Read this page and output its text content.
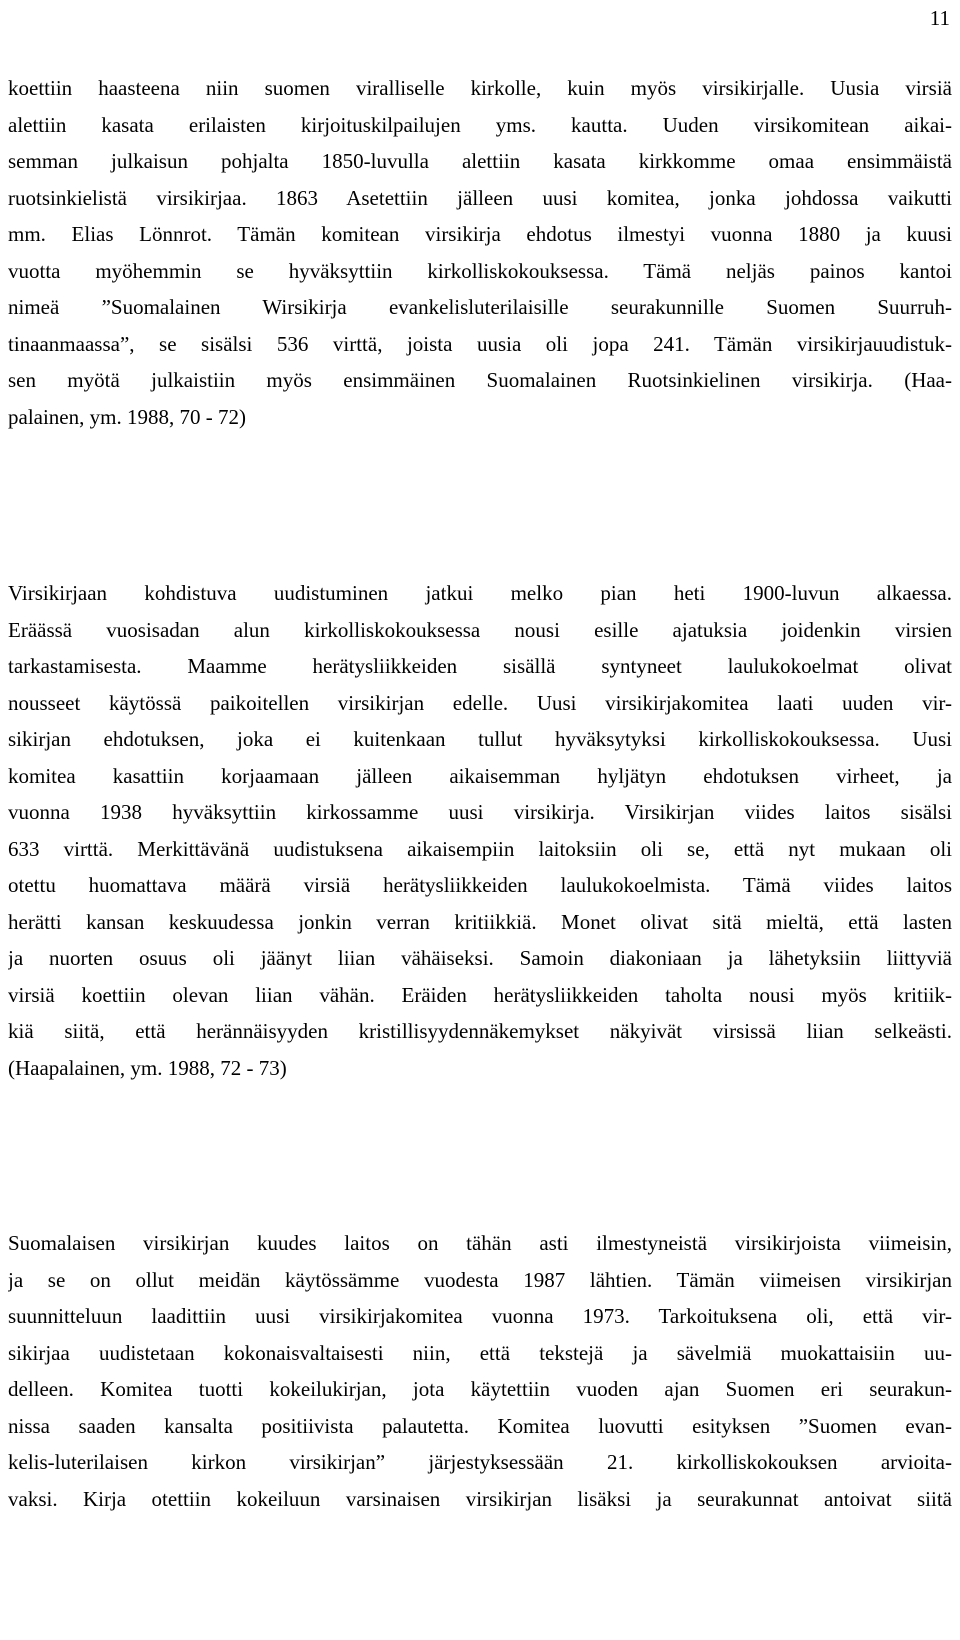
11
koettiin haasteena niin suomen viralliselle kirkolle, kuin myös virsikirjalle. Uusia virsiä
alettiin kasata erilaisten kirjoituskilpailujen yms. kautta. Uuden virsikomitean aikai-
semman julkaisun pohjalta 1850-luvulla alettiin kasata kirkkomme omaa ensimmäistä
ruotsinkielistä virsikirjaa. 1863 Asetettiin jälleen uusi komitea, jonka johdossa vaikutti
mm. Elias Lönnrot. Tämän komitean virsikirja ehdotus ilmestyi vuonna 1880 ja kuusi
vuotta myöhemmin se hyväksyttiin kirkolliskokouksessa. Tämä neljäs painos kantoi
nimeä ”Suomalainen Wirsikirja evankelisluterilaisille seurakunnille Suomen Suurruh-
tinaanmaassa”, se sisälsi 536 virttä, joista uusia oli jopa 241. Tämän virsikirjauudistuk-
sen myötä julkaistiin myös ensimmäinen Suomalainen Ruotsinkielinen virsikirja. (Haa-
palainen, ym. 1988, 70 - 72)
Virsikirjaan kohdistuva uudistuminen jatkui melko pian heti 1900-luvun alkaessa.
Eräässä vuosisadan alun kirkolliskokouksessa nousi esille ajatuksia joidenkin virsien
tarkastamisesta. Maamme herätysliikkeiden sisällä syntyneet laulukokoelmat olivat
nousseet käytössä paikoitellen virsikirjan edelle. Uusi virsikirjakomitea laati uuden vir-
sikirjan ehdotuksen, joka ei kuitenkaan tullut hyväksytyksi kirkolliskokouksessa. Uusi
komitea kasattiin korjaamaan jälleen aikaisemman hyljätyn ehdotuksen virheet, ja
vuonna 1938 hyväksyttiin kirkossamme uusi virsikirja. Virsikirjan viides laitos sisälsi
633 virttä. Merkittävänä uudistuksena aikaisempiin laitoksiin oli se, että nyt mukaan oli
otettu huomattava määrä virsiä herätysliikkeiden laulukokoelmista. Tämä viides laitos
herätti kansan keskuudessa jonkin verran kritiikkiä. Monet olivat sitä mieltä, että lasten
ja nuorten osuus oli jäänyt liian vähäiseksi. Samoin diakoniaan ja lähetyksiin liittyviä
virsiä koettiin olevan liian vähän. Eräiden herätysliikkeiden taholta nousi myös kritiik-
kiä siitä, että herännäisyyden kristillisyydennäkemykset näkyivät virsissä liian selkeästi.
(Haapalainen, ym. 1988, 72 - 73)
Suomalaisen virsikirjan kuudes laitos on tähän asti ilmestyneistä virsikirjoista viimeisin,
ja se on ollut meidän käytössämme vuodesta 1987 lähtien. Tämän viimeisen virsikirjan
suunnitteluun laadittiin uusi virsikirjakomitea vuonna 1973. Tarkoituksena oli, että vir-
sikirjaa uudistetaan kokonaisvaltaisesti niin, että tekstejä ja sävelmiä muokattaisiin uu-
delleen. Komitea tuotti kokeilukirjan, jota käytettiin vuoden ajan Suomen eri seurakun-
nissa saaden kansalta positiivista palautetta. Komitea luovutti esityksen ”Suomen evan-
kelis-luterilaisen kirkon virsikirjan” järjestyksessään 21. kirkolliskokouksen arvioita-
vaksi. Kirja otettiin kokeiluun varsinaisen virsikirjan lisäksi ja seurakunnat antoivat siitä
